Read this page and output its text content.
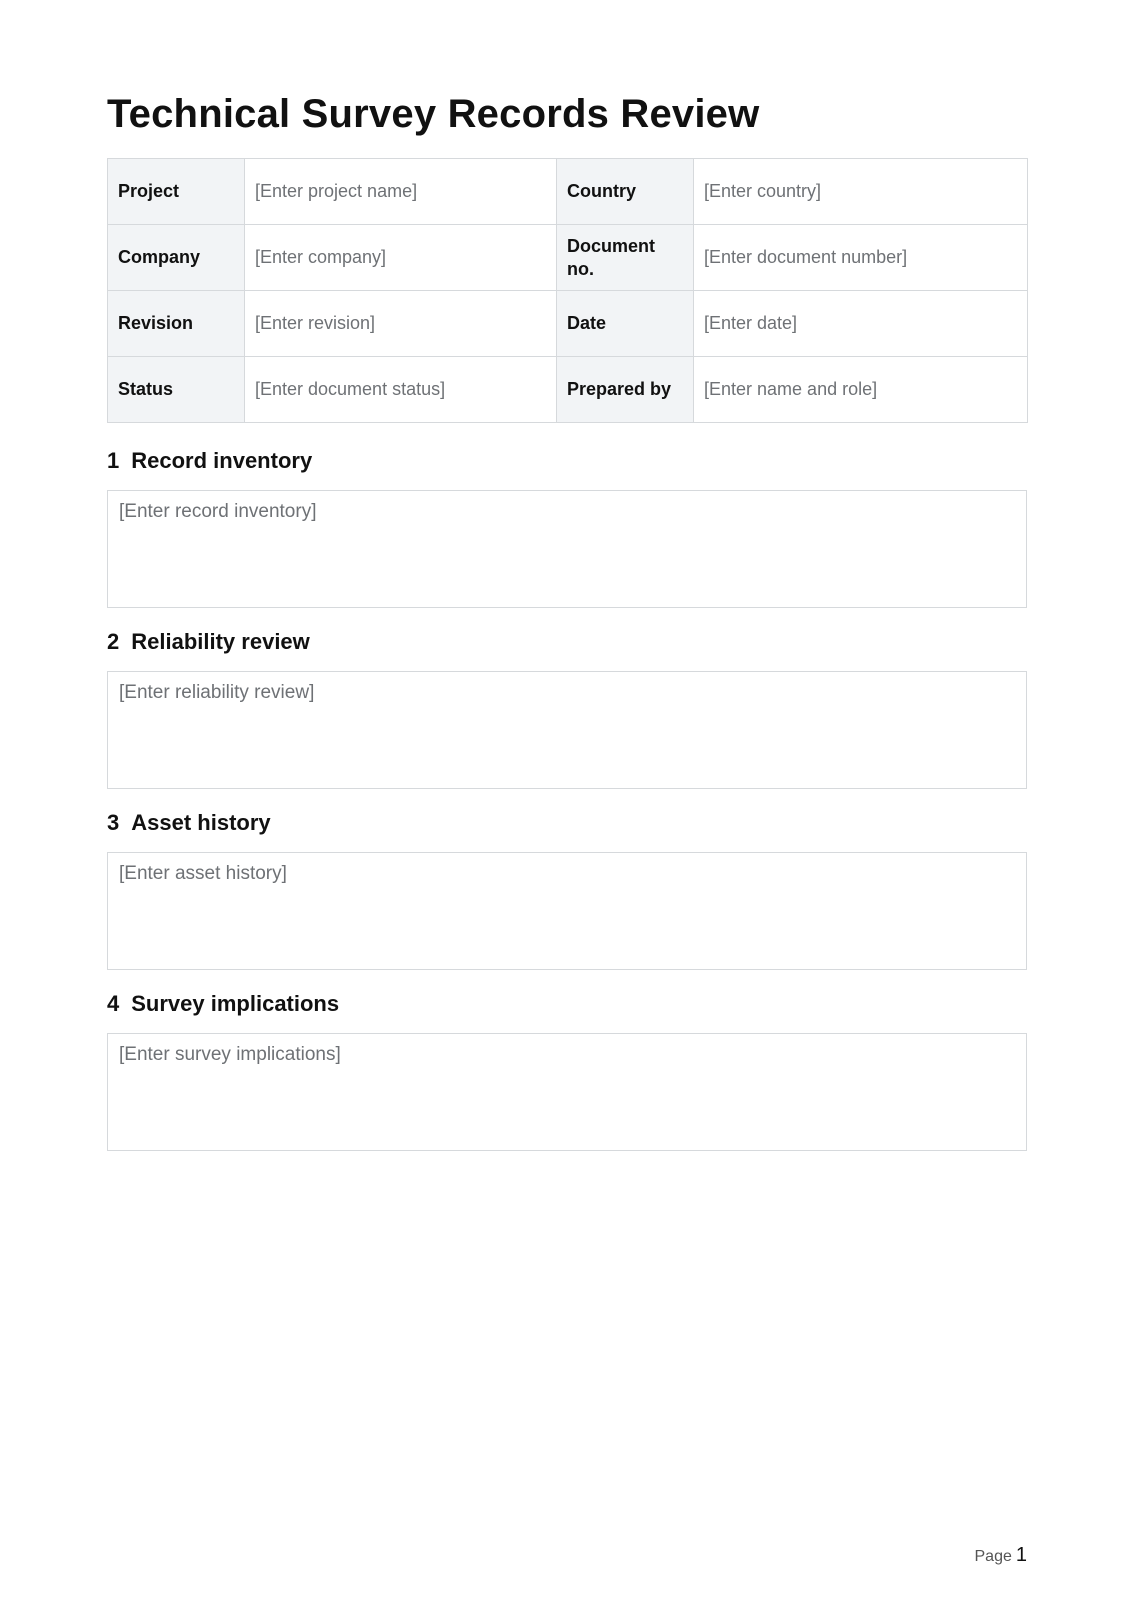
Technical Survey Records Review
Project	[Enter project name]	Country	[Enter country]
Company	[Enter company]	Document no.	[Enter document number]
Revision	[Enter revision]	Date	[Enter date]
Status	[Enter document status]	Prepared by	[Enter name and role]
1 Record inventory
[Enter record inventory]
2 Reliability review
[Enter reliability review]
3 Asset history
[Enter asset history]
4 Survey implications
[Enter survey implications]
Page 1
